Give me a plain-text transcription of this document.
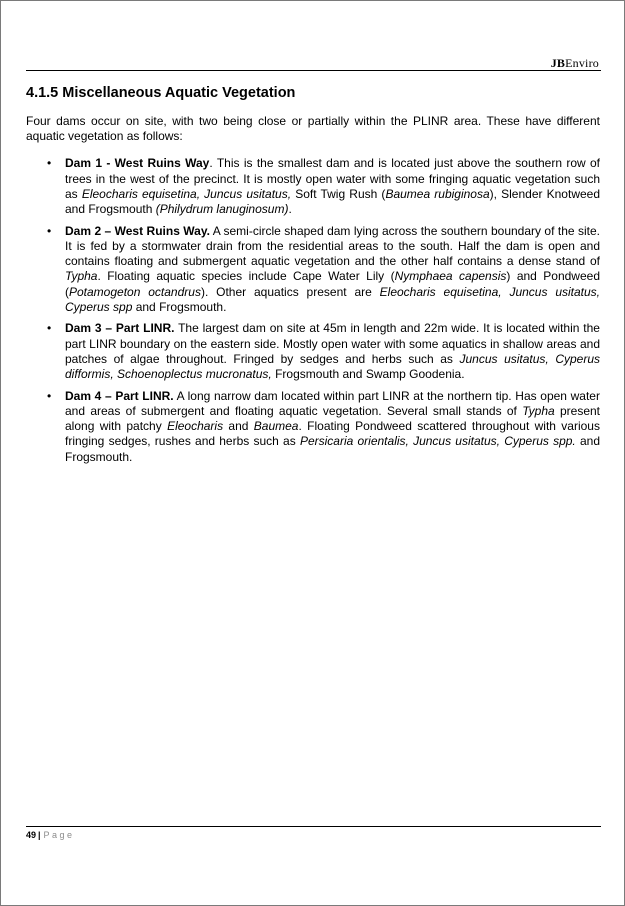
JBEnviro
4.1.5 Miscellaneous Aquatic Vegetation

Four dams occur on site, with two being close or partially within the PLINR area. These have different aquatic vegetation as follows:

• Dam 1 - West Ruins Way. This is the smallest dam and is located just above the southern row of trees in the west of the precinct. It is mostly open water with some fringing aquatic vegetation such as Eleocharis equisetina, Juncus usitatus, Soft Twig Rush (Baumea rubiginosa), Slender Knotweed and Frogsmouth (Philydrum lanuginosum).
• Dam 2 – West Ruins Way. A semi-circle shaped dam lying across the southern boundary of the site. It is fed by a stormwater drain from the residential areas to the south. Half the dam is open and contains floating and submergent aquatic vegetation and the other half contains a dense stand of Typha. Floating aquatic species include Cape Water Lily (Nymphaea capensis) and Pondweed (Potamogeton octandrus). Other aquatics present are Eleocharis equisetina, Juncus usitatus, Cyperus spp and Frogsmouth.
• Dam 3 – Part LINR. The largest dam on site at 45m in length and 22m wide. It is located within the part LINR boundary on the eastern side. Mostly open water with some aquatics in shallow areas and patches of algae throughout. Fringed by sedges and herbs such as Juncus usitatus, Cyperus difformis, Schoenoplectus mucronatus, Frogsmouth and Swamp Goodenia.
• Dam 4 – Part LINR. A long narrow dam located within part LINR at the northern tip. Has open water and areas of submergent and floating aquatic vegetation. Several small stands of Typha present along with patchy Eleocharis and Baumea. Floating Pondweed scattered throughout with various fringing sedges, rushes and herbs such as Persicaria orientalis, Juncus usitatus, Cyperus spp. and Frogsmouth.
49 | Page
